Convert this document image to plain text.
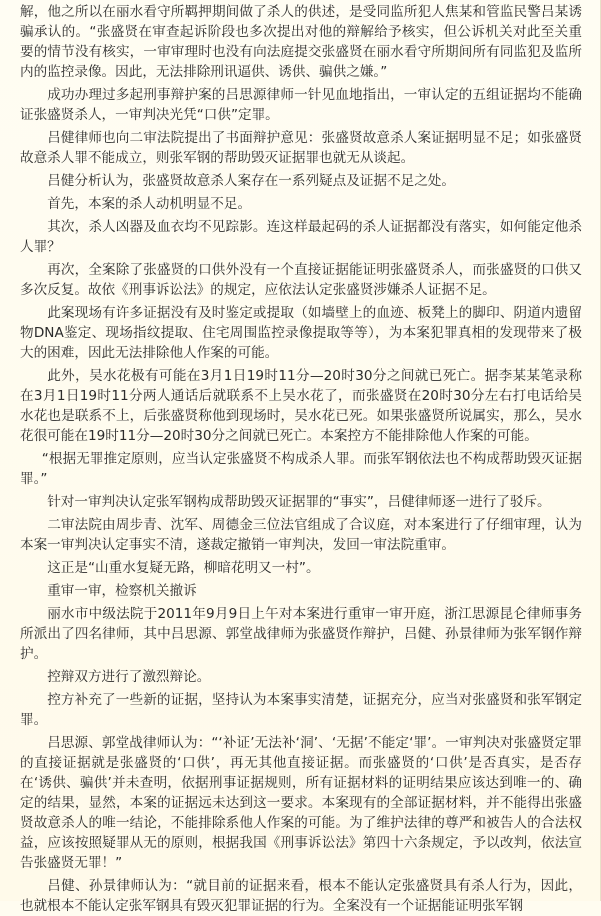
解，他之所以在丽水看守所羁押期间做了杀人的供述，是受同监所犯人焦某和管监民警吕某诱骗承认的。“张盛贤在审查起诉阶段也多次提出对他的辩解给予核实，但公诉机关对此至关重要的情节没有核实，一审审理时也没有向法庭提交张盛贤在丽水看守所期间所有同监犯及监所内的监控录像。因此，无法排除刑讯逼供、诱供、骗供之嫌。”

成功办理过多起刑事辩护案的吕思源律师一针见血地指出，一审认定的五组证据均不能确证张盛贤杀人，一审判决光凭“口供”定罪。

吕健律师也向二审法院提出了书面辩护意见：张盛贤故意杀人案证据明显不足；如张盛贤故意杀人罪不能成立，则张军钢的帮助毁灭证据罪也就无从谈起。

吕健分析认为，张盛贤故意杀人案存在一系列疑点及证据不足之处。

首先，本案的杀人动机明显不足。

其次，杀人凶器及血衣均不见踪影。连这样最起码的杀人证据都没有落实，如何能定他杀人罪？

再次，全案除了张盛贤的口供外没有一个直接证据能证明张盛贤杀人，而张盛贤的口供又多次反复。故依《刑事诉讼法》的规定，应依法认定张盛贤涉嫌杀人证据不足。

此案现场有许多证据没有及时鉴定或提取（如墙壁上的血迹、板凳上的脚印、阴道内遗留物DNA鉴定、现场指纹提取、住宅周围监控录像提取等等），为本案犯罪真相的发现带来了极大的困难，因此无法排除他人作案的可能。

此外，吴水花极有可能在3月1日19时11分—20时30分之间就已死亡。据李某某笔录称在3月1日19时11分两人通话后就联系不上吴水花了，而张盛贤在20时30分左右打电话给吴水花也是联系不上，后张盛贤称他到现场时，吴水花已死。如果张盛贤所说属实，那么，吴水花很可能在19时11分—20时30分之间就已死亡。本案控方不能排除他人作案的可能。

“根据无罪推定原则，应当认定张盛贤不构成杀人罪。而张军钢依法也不构成帮助毁灭证据罪。”

针对一审判决认定张军钢构成帮助毁灭证据罪的“事实”，吕健律师逐一进行了驳斥。

二审法院由周步青、沈军、周德金三位法官组成了合议庭，对本案进行了仔细审理，认为本案一审判决认定事实不清，遂裁定撤销一审判决，发回一审法院重审。

这正是“山重水复疑无路，柳暗花明又一村”。

重审一审，检察机关撤诉

丽水市中级法院于2011年9月9日上午对本案进行重审一审开庭，浙江思源昆仑律师事务所派出了四名律师，其中吕思源、郭堂战律师为张盛贤作辩护，吕健、孙景律师为张军钢作辩护。

控辩双方进行了激烈辩论。

控方补充了一些新的证据，坚持认为本案事实清楚，证据充分，应当对张盛贤和张军钢定罪。

吕思源、郭堂战律师认为：“‘补证’无法补‘洞’、‘无据’不能定‘罪’。一审判决对张盛贤定罪的直接证据就是张盛贤的‘口供’，再无其他直接证据。而张盛贤的‘口供’是否真实，是否存在‘诱供、骗供’并未查明，依据刑事证据规则，所有证据材料的证明结果应该达到唯一的、确定的结果，显然，本案的证据远未达到这一要求。本案现有的全部证据材料，并不能得出张盛贤故意杀人的唯一结论，不能排除系他人作案的可能。为了维护法律的尊严和被告人的合法权益，应该按照疑罪从无的原则，根据我国《刑事诉讼法》第四十六条规定，予以改判，依法宣告张盛贤无罪！”

吕健、孙景律师认为：“就目前的证据来看，根本不能认定张盛贤具有杀人行为，因此，也就根本不能认定张军钢具有毁灭犯罪证据的行为。全案没有一个证据能证明张军钢
